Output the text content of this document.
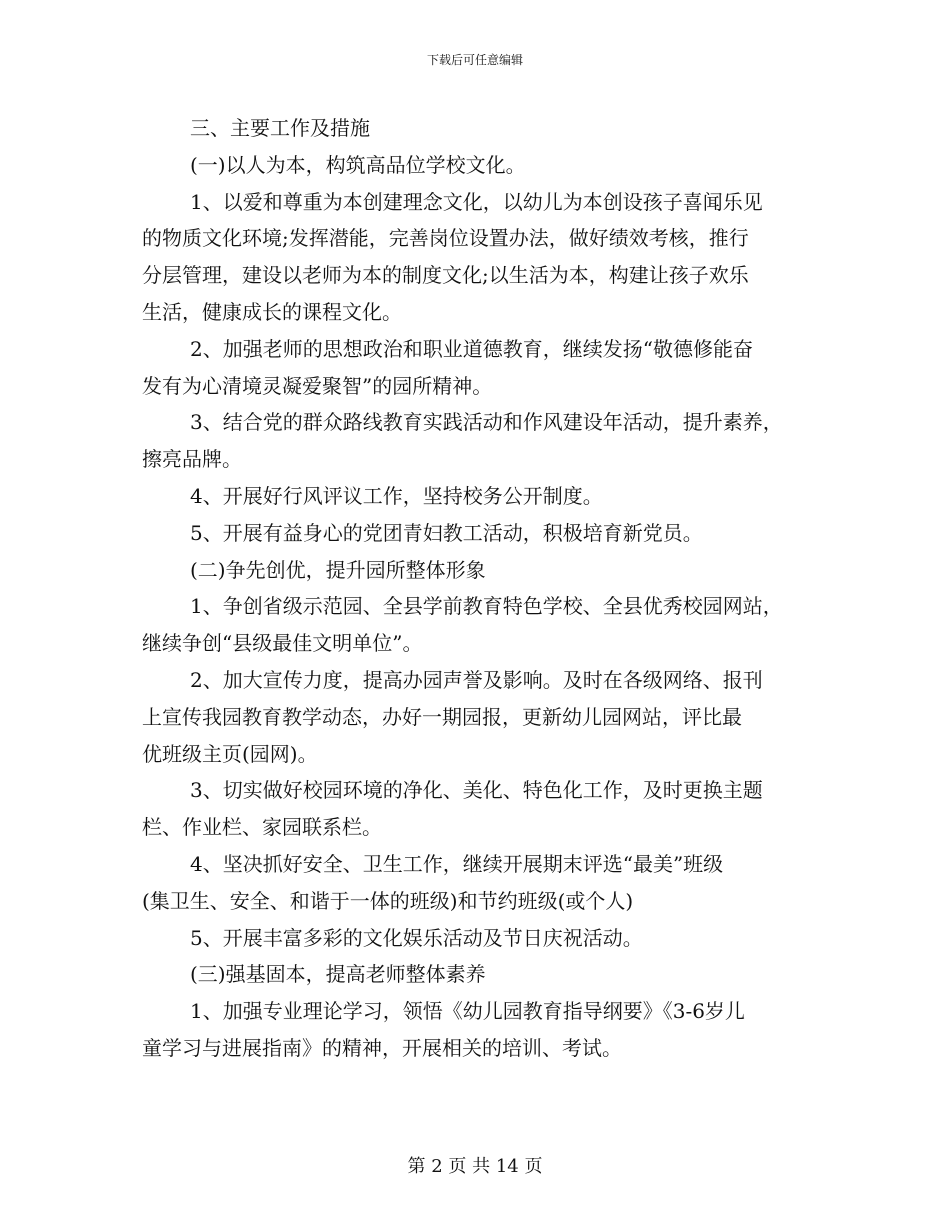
下载后可任意编辑

三、主要工作及措施

(一)以人为本，构筑高品位学校文化。

1、以爱和尊重为本创建理念文化，以幼儿为本创设孩子喜闻乐见

的物质文化环境;发挥潜能，完善岗位设置办法，做好绩效考核，推行

分层管理，建设以老师为本的制度文化;以生活为本，构建让孩子欢乐

生活，健康成长的课程文化。

2、加强老师的思想政治和职业道德教育，继续发扬“敬德修能奋

发有为心清境灵凝爱聚智”的园所精神。

3、结合党的群众路线教育实践活动和作风建设年活动，提升素养，

擦亮品牌。

4、开展好行风评议工作，坚持校务公开制度。

5、开展有益身心的党团青妇教工活动，积极培育新党员。

(二)争先创优，提升园所整体形象

1、争创省级示范园、全县学前教育特色学校、全县优秀校园网站，

继续争创“县级最佳文明单位”。

2、加大宣传力度，提高办园声誉及影响。及时在各级网络、报刊

上宣传我园教育教学动态，办好一期园报，更新幼儿园网站，评比最

优班级主页(园网)。

3、切实做好校园环境的净化、美化、特色化工作，及时更换主题

栏、作业栏、家园联系栏。

4、坚决抓好安全、卫生工作，继续开展期末评选“最美”班级

(集卫生、安全、和谐于一体的班级)和节约班级(或个人)

5、开展丰富多彩的文化娱乐活动及节日庆祝活动。

(三)强基固本，提高老师整体素养

1、加强专业理论学习，领悟《幼儿园教育指导纲要》《3-6岁儿

童学习与进展指南》的精神，开展相关的培训、考试。

第 2 页 共 14 页
